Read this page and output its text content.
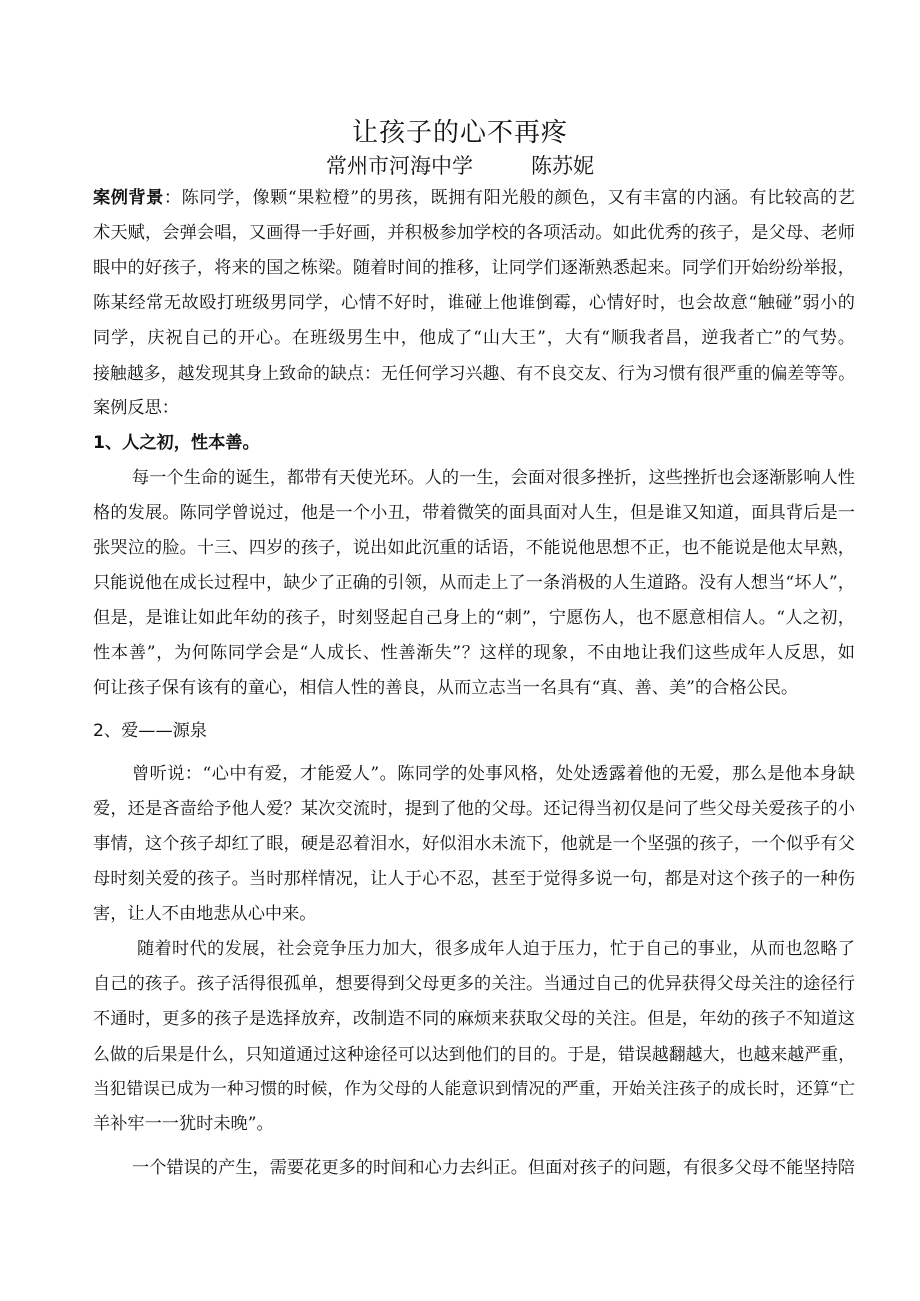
让孩子的心不再疼
常州市河海中学	陈苏妮
案例背景：陈同学，像颗“果粒橙”的男孩，既拥有阳光般的颜色，又有丰富的内涵。有比较高的艺
术天赋，会弹会唱，又画得一手好画，并积极参加学校的各项活动。如此优秀的孩子，是父母、老师
眼中的好孩子，将来的国之栋梁。随着时间的推移，让同学们逐渐熟悉起来。同学们开始纷纷举报，
陈某经常无故殴打班级男同学，心情不好时，谁碰上他谁倒霉，心情好时，也会故意“触碰”弱小的
同学，庆祝自己的开心。在班级男生中，他成了“山大王”，大有“顺我者昌，逆我者亡”的气势。
接触越多，越发现其身上致命的缺点：无任何学习兴趣、有不良交友、行为习惯有很严重的偏差等等。
案例反思：
1、人之初，性本善。
每一个生命的诞生，都带有天使光环。人的一生，会面对很多挫折，这些挫折也会逐渐影响人性
格的发展。陈同学曾说过，他是一个小丑，带着微笑的面具面对人生，但是谁又知道，面具背后是一
张哭泣的脸。十三、四岁的孩子，说出如此沉重的话语，不能说他思想不正，也不能说是他太早熟，
只能说他在成长过程中，缺少了正确的引领，从而走上了一条消极的人生道路。没有人想当“坏人”，
但是，是谁让如此年幼的孩子，时刻竖起自己身上的“刺”，宁愿伤人，也不愿意相信人。“人之初，
性本善”，为何陈同学会是“人成长、性善渐失”？这样的现象，不由地让我们这些成年人反思，如
何让孩子保有该有的童心，相信人性的善良，从而立志当一名具有“真、善、美”的合格公民。
2、爱——源泉
曾听说：“心中有爱，才能爱人”。陈同学的处事风格，处处透露着他的无爱，那么是他本身缺
爱，还是吝啬给予他人爱？某次交流时，提到了他的父母。还记得当初仅是问了些父母关爱孩子的小
事情，这个孩子却红了眼，硬是忍着泪水，好似泪水未流下，他就是一个坚强的孩子，一个似乎有父
母时刻关爱的孩子。当时那样情况，让人于心不忍，甚至于觉得多说一句，都是对这个孩子的一种伤
害，让人不由地悲从心中来。
随着时代的发展，社会竞争压力加大，很多成年人迫于压力，忙于自己的事业，从而也忽略了
自己的孩子。孩子活得很孤单，想要得到父母更多的关注。当通过自己的优异获得父母关注的途径行
不通时，更多的孩子是选择放弃，改制造不同的麻烦来获取父母的关注。但是，年幼的孩子不知道这
么做的后果是什么，只知道通过这种途径可以达到他们的目的。于是，错误越翻越大，也越来越严重，
当犯错误已成为一种习惯的时候，作为父母的人能意识到情况的严重，开始关注孩子的成长时，还算“亡
羊补牢一一犹时未晚”。
一个错误的产生，需要花更多的时间和心力去纠正。但面对孩子的问题，有很多父母不能坚持陪
